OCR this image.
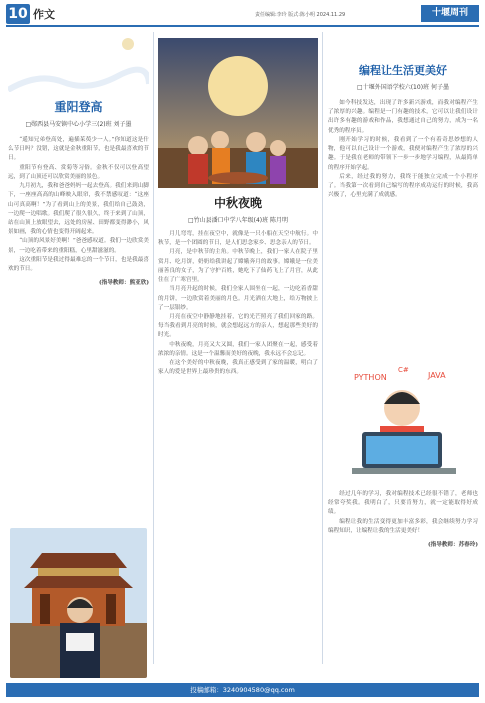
10 作文	责任编辑:李玲 版式:陈小明 2024.11.29	十堰周刊
重阳登高
□郧西县马安镇中心小学三(2)班 刘子墨

“遥知兄弟登高处，遍插茱萸少一人。”你知道这是什么节日吗？没错，这就是金秋重阳节，也是我最喜欢的节日。

重阳节有登高、赏菊等习俗。金秋不仅可以登高望远，到了山顶还可以欣赏美丽的景色。

九月初九，我和爸爸妈妈一起去登高。我们来到山脚下，一座座高高的山峰映入眼帘，我不禁感叹道：“这座山可真高啊！”为了看到山上的美景，我们给自己鼓劲，一边爬一边唱歌。我们爬了很久很久，终于来到了山顶，站在山顶上放眼望去，远处的房屋、田野都变得渺小，风景如画，我的心情也变得开阔起来。

“山顶的风景好美啊！”爸爸感叹道。我们一边欣赏美景，一边吃着带来的重阳糕，心里甜滋滋的。

这次重阳节是我过得最难忘的一个节日，也是我最喜欢的节日。

(指导教师：熊亚欣)
中秋夜晚
□竹山县潘口中学八年级(4)班 陈月明

月儿弯弯，挂在夜空中，就像是一只小船在天空中航行。中秋节，是一个团圆的节日，是人们思念家乡、思念亲人的节日。

月亮，是中秋节的主角。中秋节晚上，我们一家人在院子里赏月、吃月饼，奶奶给我讲起了嫦娥奔月的故事。嫦娥是一位美丽善良的女子，为了守护百姓，她吃下了仙药飞上了月宫，从此住在了广寒宫里。

当月亮升起的时候，我们全家人围坐在一起，一边吃着香甜的月饼，一边欣赏着美丽的月色。月光洒在大地上，给万物披上了一层银纱。

月亮在夜空中静静地挂着，它的光芒照亮了我们回家的路。每当我看到月亮的时候，就会想起远方的亲人，想起那些美好的时光。

中秋夜晚，月亮又大又圆，我们一家人团聚在一起，感受着浓浓的亲情。这是一个温馨而美好的夜晚，我永远不会忘记。

在这个美好的中秋夜晚，我真正感受到了家的温暖，明白了家人的爱是世界上最珍贵的东西。

编程让生活更美好
□十堰外国语学校六(10)班 何子墨

如今科技发达，出现了许多新兴游戏，而我对编程产生了浓厚的兴趣。编程是一门有趣的技术，它可以让我们设计出许多有趣的游戏和作品，我想通过自己的努力，成为一名优秀的程序员。

刚开始学习的时候，我看到了一个有着奇思妙想的人物，他可以自己设计一个游戏，我便对编程产生了浓厚的兴趣。于是我在老师的带领下一步一步地学习编程，从最简单的程序开始学起。

后来，经过我的努力，我终于能独立完成一个小程序了。当我第一次看到自己编写的程序成功运行的时候，我高兴极了，心里充满了成就感。

PYTHON	JAVA
C#

经过几年的学习，我对编程技术已经很不错了，老师也经常夸奖我。我明白了，只要肯努力，就一定能取得好成绩。

编程让我的生活变得更加丰富多彩，我会继续努力学习编程知识，让编程让我的生活更美好！

(指导教师：苏春玲)
投稿邮箱：3240904580@qq.com
